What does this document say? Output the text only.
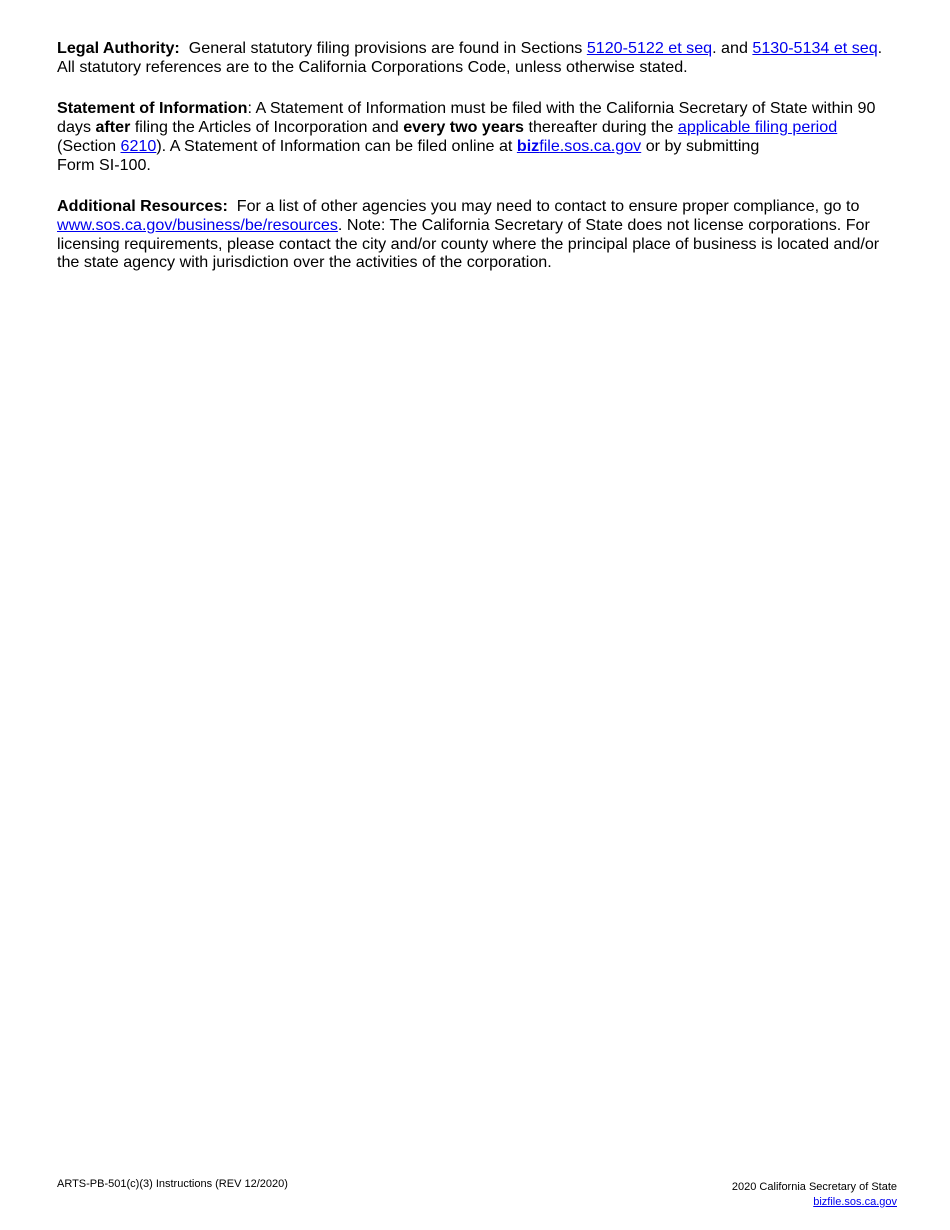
Legal Authority:  General statutory filing provisions are found in Sections 5120-5122 et seq. and 5130-5134 et seq.
All statutory references are to the California Corporations Code, unless otherwise stated.

Statement of Information: A Statement of Information must be filed with the California Secretary of State within 90 days after filing the Articles of Incorporation and every two years thereafter during the applicable filing period
(Section 6210). A Statement of Information can be filed online at bizfile.sos.ca.gov or by submitting
Form SI-100.

Additional Resources:  For a list of other agencies you may need to contact to ensure proper compliance, go to www.sos.ca.gov/business/be/resources. Note: The California Secretary of State does not license corporations. For licensing requirements, please contact the city and/or county where the principal place of business is located and/or the state agency with jurisdiction over the activities of the corporation.

ARTS-PB-501(c)(3) Instructions (REV 12/2020)	2020 California Secretary of State
bizfile.sos.ca.gov
